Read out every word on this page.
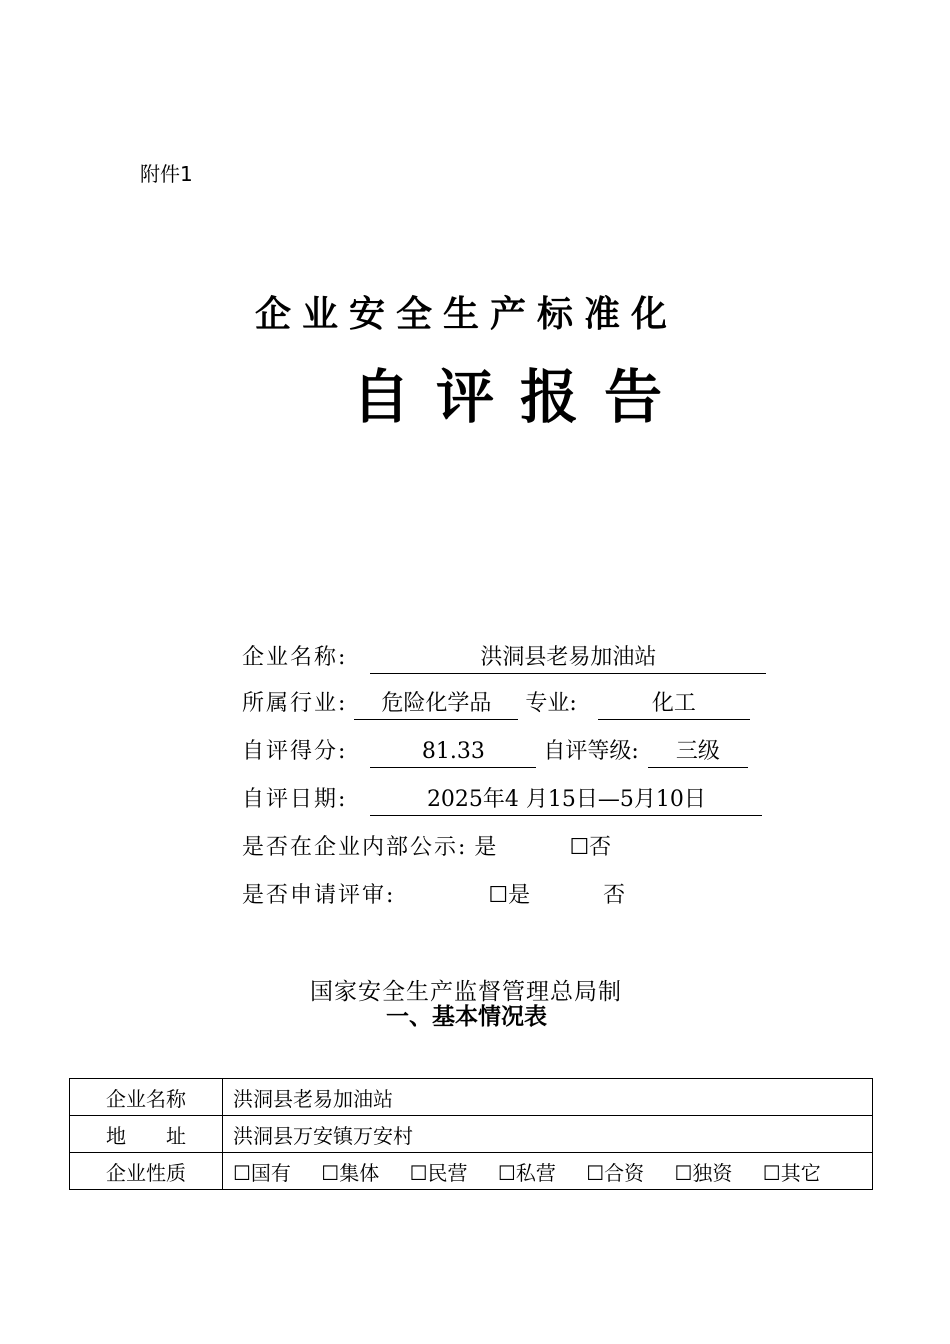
附件1
企业安全生产标准化
自评报告
企业名称:	洪洞县老易加油站
所属行业: 危险化学品 专业:	化工
自评得分:	81.33	自评等级: 三级
自评日期:	2025年4 月15日—5月10日
是否在企业内部公示: 是	☐否
是否申请评审:	☐是	否
国家安全生产监督管理总局制
一、基本情况表
企业名称	洪洞县老易加油站
地　　址	洪洞县万安镇万安村
企业性质	☐国有 ☐集体 ☐民营 ☐私营 ☐合资 ☐独资 ☐其它
